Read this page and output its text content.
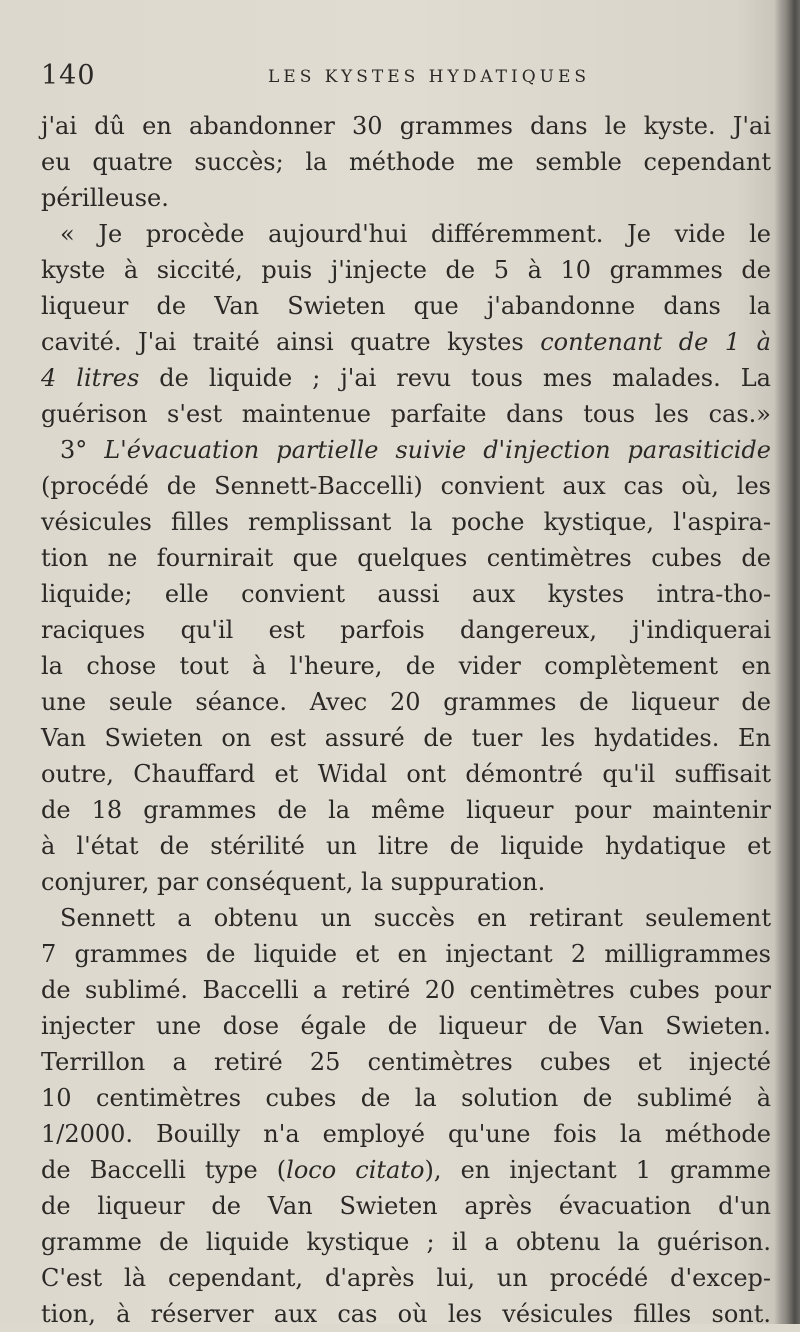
140	LES KYSTES HYDATIQUES
j'ai dû en abandonner 30 grammes dans le kyste. J'ai
eu quatre succès; la méthode me semble cependant
périlleuse.
« Je procède aujourd'hui différemment. Je vide le
kyste à siccité, puis j'injecte de 5 à 10 grammes de
liqueur de Van Swieten que j'abandonne dans la
cavité. J'ai traité ainsi quatre kystes contenant de 1 à
4 litres de liquide ; j'ai revu tous mes malades. La
guérison s'est maintenue parfaite dans tous les cas.»
3° L'évacuation partielle suivie d'injection parasiticide
(procédé de Sennett-Baccelli) convient aux cas où, les
vésicules filles remplissant la poche kystique, l'aspira-
tion ne fournirait que quelques centimètres cubes de
liquide; elle convient aussi aux kystes intra-tho-
raciques qu'il est parfois dangereux, j'indiquerai
la chose tout à l'heure, de vider complètement en
une seule séance. Avec 20 grammes de liqueur de
Van Swieten on est assuré de tuer les hydatides. En
outre, Chauffard et Widal ont démontré qu'il suffisait
de 18 grammes de la même liqueur pour maintenir
à l'état de stérilité un litre de liquide hydatique et
conjurer, par conséquent, la suppuration.
Sennett a obtenu un succès en retirant seulement
7 grammes de liquide et en injectant 2 milligrammes
de sublimé. Baccelli a retiré 20 centimètres cubes pour
injecter une dose égale de liqueur de Van Swieten.
Terrillon a retiré 25 centimètres cubes et injecté
10 centimètres cubes de la solution de sublimé à
1/2000. Bouilly n'a employé qu'une fois la méthode
de Baccelli type (loco citato), en injectant 1 gramme
de liqueur de Van Swieten après évacuation d'un
gramme de liquide kystique ; il a obtenu la guérison.
C'est là cependant, d'après lui, un procédé d'excep-
tion, à réserver aux cas où les vésicules filles sont.
